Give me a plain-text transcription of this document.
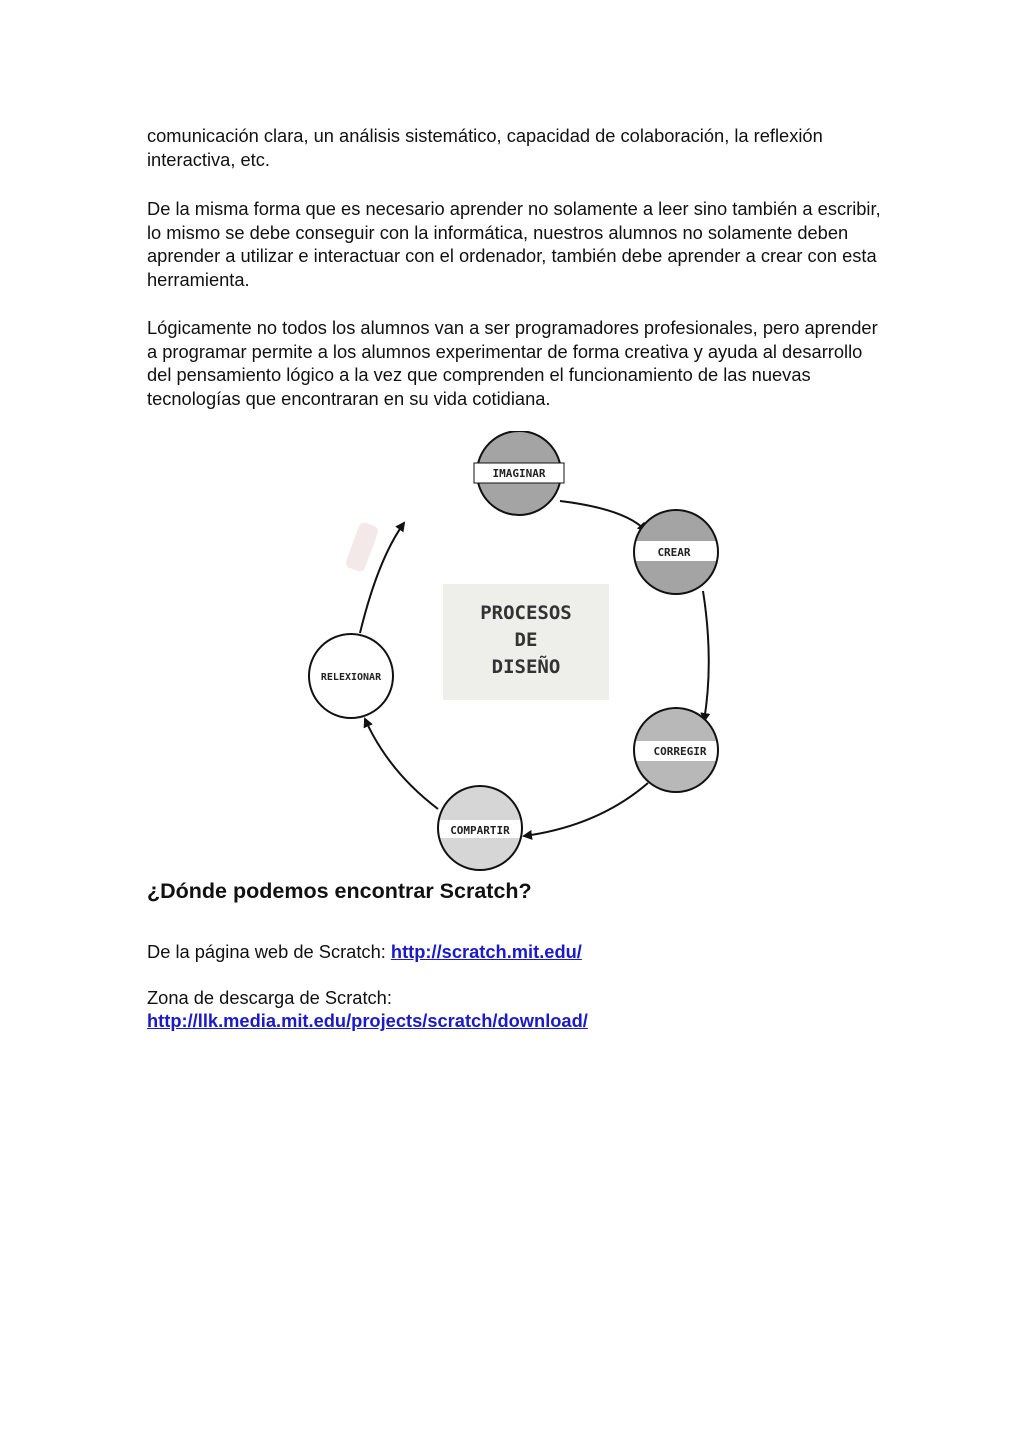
comunicación clara, un análisis sistemático, capacidad de colaboración, la reflexión interactiva, etc.

De la misma forma que es necesario aprender no solamente a leer sino también a escribir, lo mismo se debe conseguir con la informática, nuestros alumnos no solamente deben aprender a utilizar e interactuar con el ordenador, también debe aprender a crear con esta herramienta.

Lógicamente no todos los alumnos van a ser programadores profesionales, pero aprender a programar permite a los alumnos experimentar de forma creativa y ayuda al desarrollo del pensamiento lógico a la vez que comprenden el funcionamiento de las nuevas tecnologías que encontraran en su vida cotidiana.

PROCESOS
DE
DISEÑO
IMAGINAR
CREAR
CORREGIR
COMPARTIR
RELEXIONAR
¿Dónde podemos encontrar Scratch?
De la página web de Scratch: http://scratch.mit.edu/
Zona de descarga de Scratch:
http://llk.media.mit.edu/projects/scratch/download/
